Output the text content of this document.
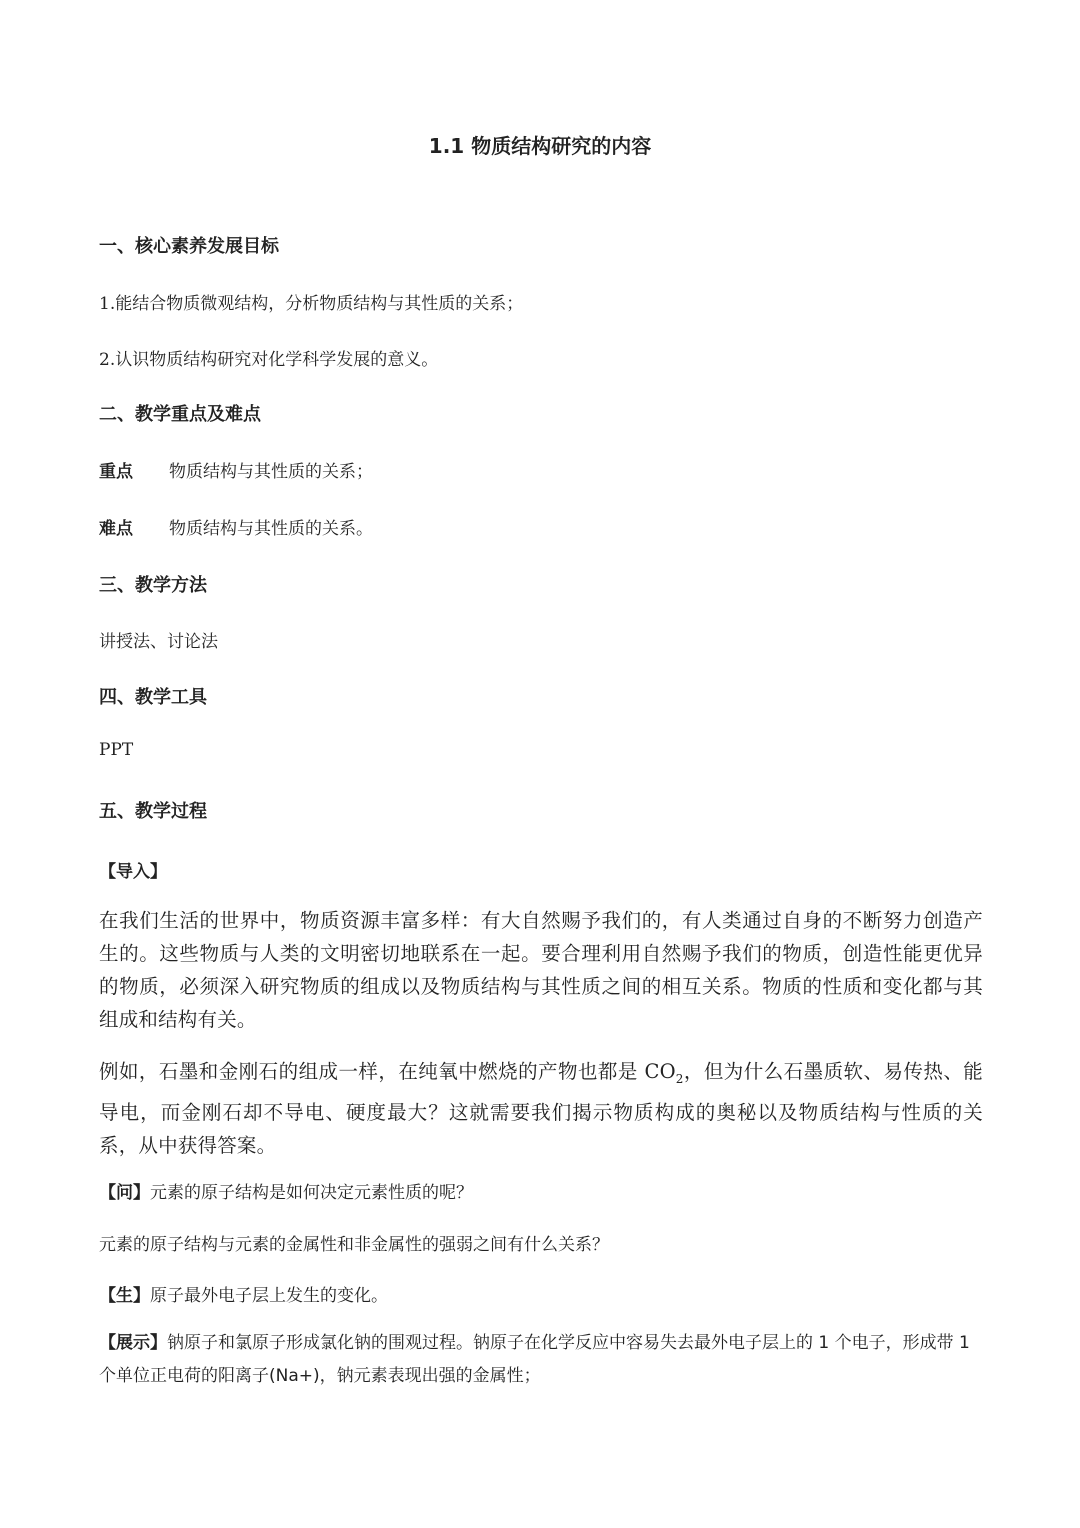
1.1 物质结构研究的内容

一、核心素养发展目标

1.能结合物质微观结构，分析物质结构与其性质的关系；

2.认识物质结构研究对化学科学发展的意义。

二、教学重点及难点

重点 物质结构与其性质的关系；

难点 物质结构与其性质的关系。

三、教学方法

讲授法、讨论法

四、教学工具

PPT

五、教学过程

【导入】

在我们生活的世界中，物质资源丰富多样：有大自然赐予我们的，有人类通过自身的不断努力创造产生的。这些物质与人类的文明密切地联系在一起。要合理利用自然赐予我们的物质，创造性能更优异的物质，必须深入研究物质的组成以及物质结构与其性质之间的相互关系。物质的性质和变化都与其组成和结构有关。

例如，石墨和金刚石的组成一样，在纯氧中燃烧的产物也都是 $CO_2$，但为什么石墨质软、易传热、能导电，而金刚石却不导电、硬度最大？这就需要我们揭示物质构成的奥秘以及物质结构与性质的关系，从中获得答案。

【问】元素的原子结构是如何决定元素性质的呢？

元素的原子结构与元素的金属性和非金属性的强弱之间有什么关系？

【生】原子最外电子层上发生的变化。

【展示】钠原子和氯原子形成氯化钠的围观过程。钠原子在化学反应中容易失去最外电子层上的 1 个电子，形成带 1 个单位正电荷的阳离子(Na+)，钠元素表现出强的金属性；
